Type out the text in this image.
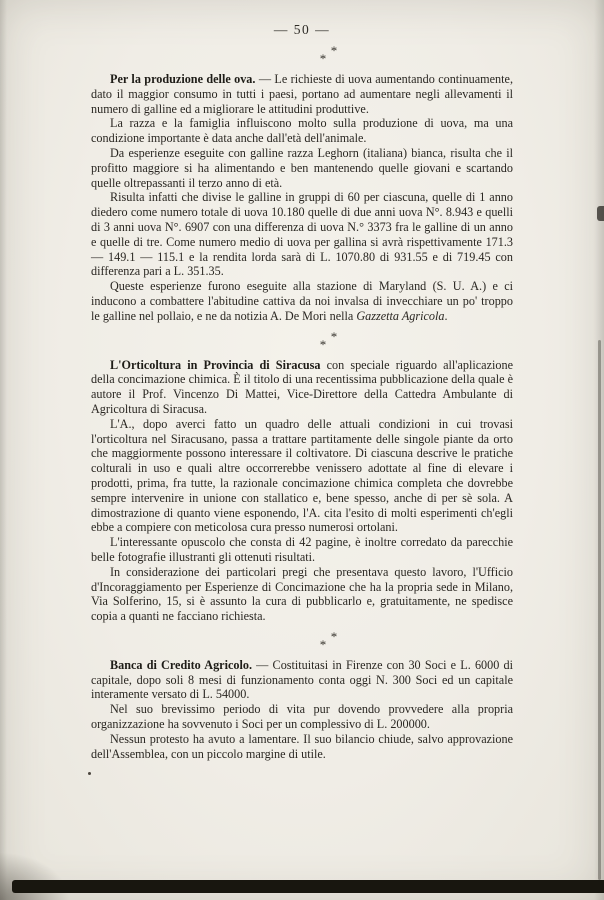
— 50 —
*
*

Per la produzione delle ova. — Le richieste di uova aumentando continuamente, dato il maggior consumo in tutti i paesi, portano ad aumentare negli allevamenti il numero di galline ed a migliorare le attitudini produttive.

La razza e la famiglia influiscono molto sulla produzione di uova, ma una condizione importante è data anche dall'età dell'animale.

Da esperienze eseguite con galline razza Leghorn (italiana) bianca, risulta che il profitto maggiore si ha alimentando e ben mantenendo quelle giovani e scartando quelle oltrepassanti il terzo anno di età.

Risulta infatti che divise le galline in gruppi di 60 per ciascuna, quelle di 1 anno diedero come numero totale di uova 10.180 quelle di due anni uova N°. 8.943 e quelli di 3 anni uova N°. 6907 con una differenza di uova N.° 3373 fra le galline di un anno e quelle di tre. Come numero medio di uova per gallina si avrà rispettivamente 171.3 — 149.1 — 115.1 e la rendita lorda sarà di L. 1070.80 di 931.55 e di 719.45 con differenza pari a L. 351.35.

Queste esperienze furono eseguite alla stazione di Maryland (S. U. A.) e ci inducono a combattere l'abitudine cattiva da noi invalsa di invecchiare un po' troppo le galline nel pollaio, e ne da notizia A. De Mori nella Gazzetta Agricola.

*
*

L'Orticoltura in Provincia di Siracusa con speciale riguardo all'aplicazione della concimazione chimica. È il titolo di una recentissima pubblicazione della quale è autore il Prof. Vincenzo Di Mattei, Vice-Direttore della Cattedra Ambulante di Agricoltura di Siracusa.

L'A., dopo averci fatto un quadro delle attuali condizioni in cui trovasi l'orticoltura nel Siracusano, passa a trattare partitamente delle singole piante da orto che maggiormente possono interessare il coltivatore. Di ciascuna descrive le pratiche colturali in uso e quali altre occorrerebbe venissero adottate al fine di elevare i prodotti, prima, fra tutte, la razionale concimazione chimica completa che dovrebbe sempre intervenire in unione con stallatico e, bene spesso, anche di per sè sola. A dimostrazione di quanto viene esponendo, l'A. cita l'esito di molti esperimenti ch'egli ebbe a compiere con meticolosa cura presso numerosi ortolani.

L'interessante opuscolo che consta di 42 pagine, è inoltre corredato da parecchie belle fotografie illustranti gli ottenuti risultati.

In considerazione dei particolari pregi che presentava questo lavoro, l'Ufficio d'Incoraggiamento per Esperienze di Concimazione che ha la propria sede in Milano, Via Solferino, 15, si è assunto la cura di pubblicarlo e, gratuitamente, ne spedisce copia a quanti ne facciano richiesta.

*
*

Banca di Credito Agricolo. — Costituitasi in Firenze con 30 Soci e L. 6000 di capitale, dopo soli 8 mesi di funzionamento conta oggi N. 300 Soci ed un capitale interamente versato di L. 54000.

Nel suo brevissimo periodo di vita pur dovendo provvedere alla propria organizzazione ha sovvenuto i Soci per un complessivo di L. 200000.

Nessun protesto ha avuto a lamentare. Il suo bilancio chiude, salvo approvazione dell'Assemblea, con un piccolo margine di utile.
